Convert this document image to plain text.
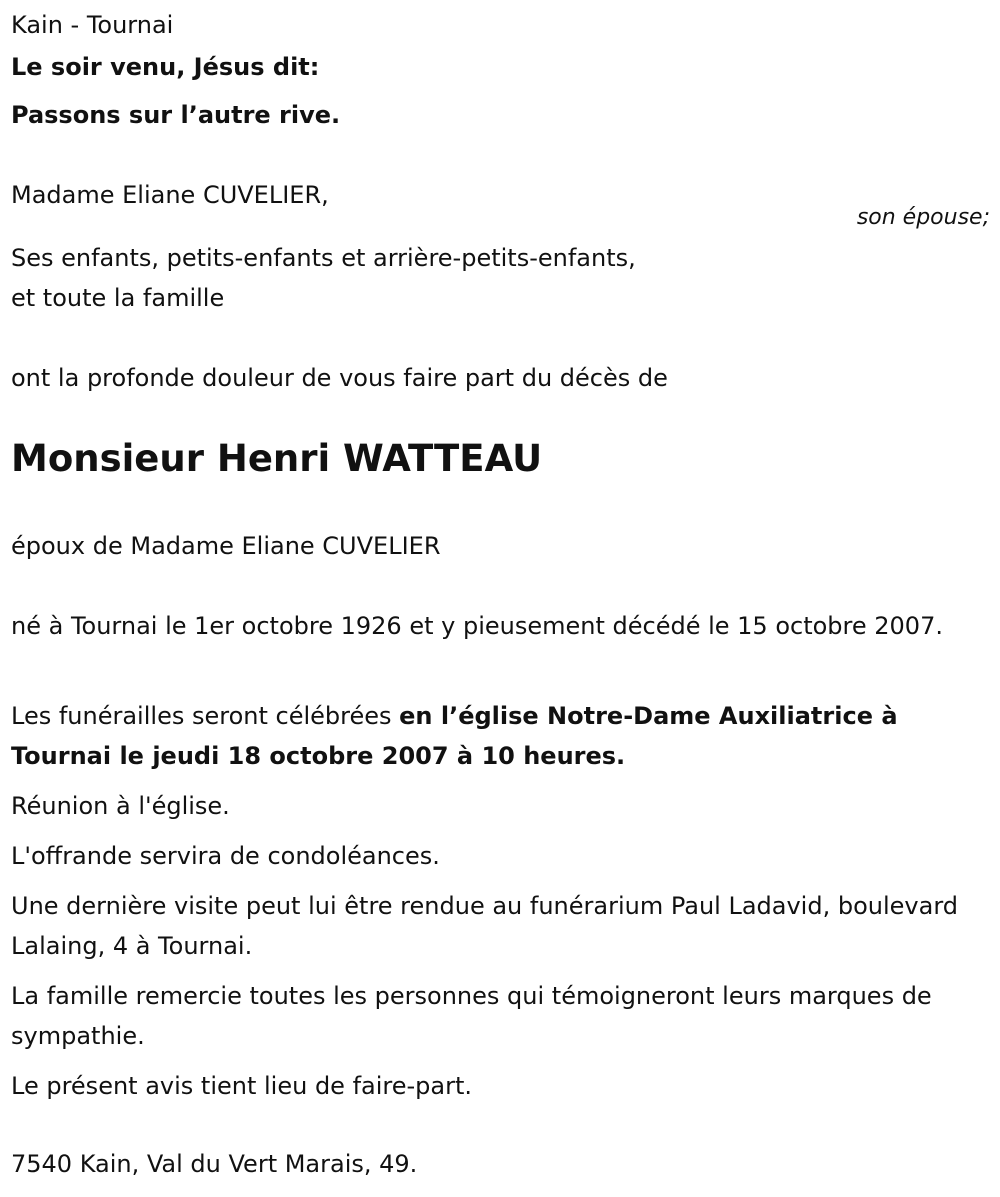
Kain - Tournai

Le soir venu, Jésus dit:

Passons sur l’autre rive.

Madame Eliane CUVELIER,

son épouse;

Ses enfants, petits-enfants et arrière-petits-enfants,

et toute la famille

ont la profonde douleur de vous faire part du décès de

Monsieur Henri WATTEAU

époux de Madame Eliane CUVELIER

né à Tournai le 1er octobre 1926 et y pieusement décédé le 15 octobre 2007.

Les funérailles seront célébrées en l’église Notre-Dame Auxiliatrice à Tournai le jeudi 18 octobre 2007 à 10 heures.

Réunion à l'église.

L'offrande servira de condoléances.

Une dernière visite peut lui être rendue au funérarium Paul Ladavid, boulevard Lalaing, 4 à Tournai.

La famille remercie toutes les personnes qui témoigneront leurs marques de sympathie.

Le présent avis tient lieu de faire-part.

7540 Kain, Val du Vert Marais, 49.
